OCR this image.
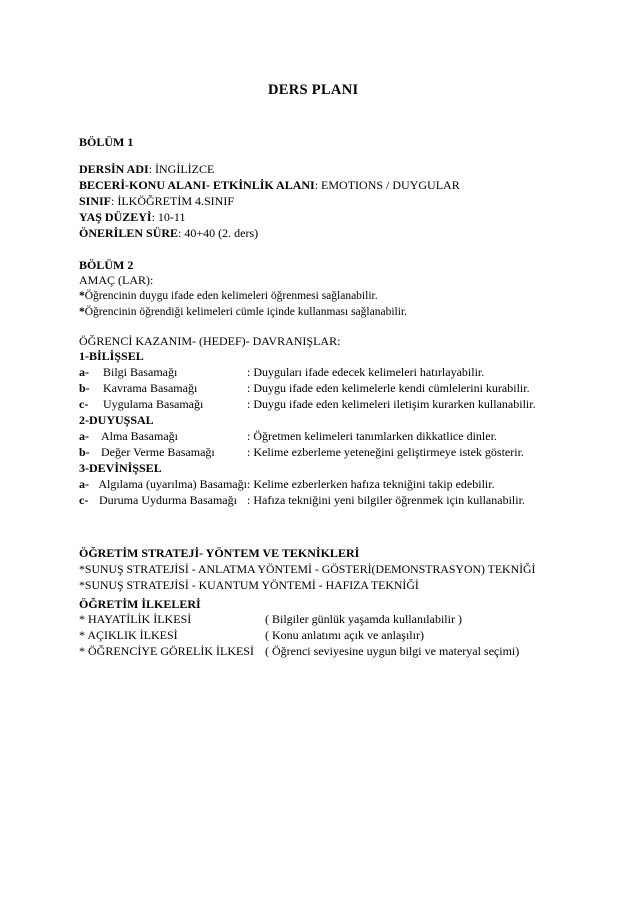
DERS PLANI
BÖLÜM 1
DERSİN ADI: İNGİLİZCE
BECERİ-KONU ALANI- ETKİNLİK ALANI: EMOTIONS / DUYGULAR
SINIF: İLKÖĞRETİM 4.SINIF
YAŞ DÜZEYİ: 10-11
ÖNERİLEN SÜRE: 40+40 (2. ders)
BÖLÜM 2
AMAÇ (LAR):
*Öğrencinin duygu ifade eden kelimeleri öğrenmesi sağlanabilir.
*Öğrencinin öğrendiği kelimeleri cümle içinde kullanması sağlanabilir.
ÖĞRENCİ KAZANIM- (HEDEF)- DAVRANIŞLAR:
1-BİLİŞSEL
a- Bilgi Basamağı	: Duyguları ifade edecek kelimeleri hatırlayabilir.
b- Kavrama Basamağı	: Duygu ifade eden kelimelerle kendi cümlelerini kurabilir.
c- Uygulama Basamağı	: Duygu ifade eden kelimeleri iletişim kurarken kullanabilir.
2-DUYUŞSAL
a- Alma Basamağı	: Öğretmen kelimeleri tanımlarken dikkatlice dinler.
b- Değer Verme Basamağı	: Kelime ezberleme yeteneğini geliştirmeye istek gösterir.
3-DEVİNİŞSEL
a- Algılama (uyarılma) Basamağı : Kelime ezberlerken hafıza tekniğini takip edebilir.
c- Duruma Uydurma Basamağı : Hafıza tekniğini yeni bilgiler öğrenmek için kullanabilir.
ÖĞRETİM STRATEJİ- YÖNTEM VE TEKNİKLERİ
*SUNUŞ STRATEJİSİ - ANLATMA YÖNTEMİ - GÖSTERİ(DEMONSTRASYON) TEKNİĞİ
*SUNUŞ STRATEJİSİ - KUANTUM YÖNTEMİ - HAFIZA TEKNİĞİ
ÖĞRETİM İLKELERİ
* HAYATİLİK İLKESİ	( Bilgiler günlük yaşamda kullanılabilir )
* AÇIKLIK İLKESİ	( Konu anlatımı açık ve anlaşılır)
* ÖĞRENCİYE GÖRELİK İLKESİ ( Öğrenci seviyesine uygun bilgi ve materyal seçimi)
